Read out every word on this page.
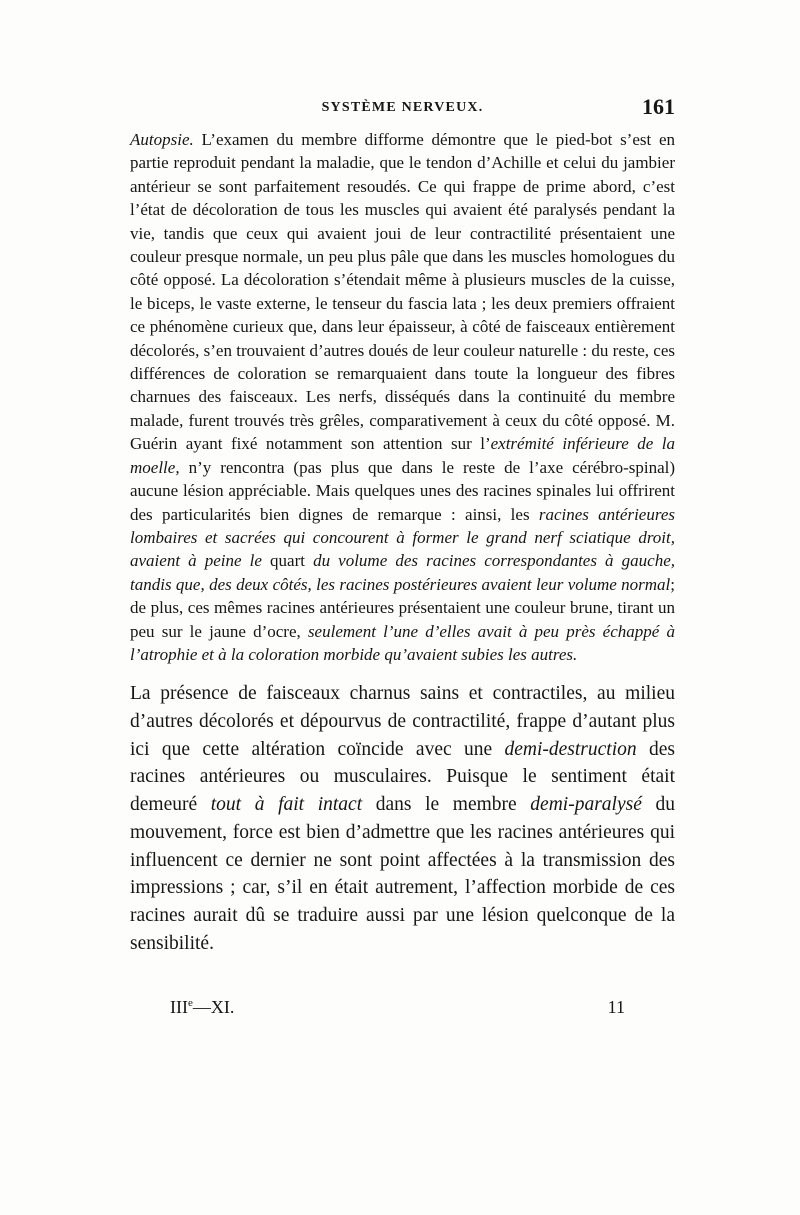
SYSTÈME NERVEUX.	161

Autopsie. L’examen du membre difforme démontre que le pied-bot s’est en partie reproduit pendant la maladie, que le tendon d’Achille et celui du jambier antérieur se sont parfaitement resoudés. Ce qui frappe de prime abord, c’est l’état de décoloration de tous les muscles qui avaient été paralysés pendant la vie, tandis que ceux qui avaient joui de leur contractilité présentaient une couleur presque normale, un peu plus pâle que dans les muscles homologues du côté opposé. La décoloration s’étendait même à plusieurs muscles de la cuisse, le biceps, le vaste externe, le tenseur du fascia lata ; les deux premiers offraient ce phénomène curieux que, dans leur épaisseur, à côté de faisceaux entièrement décolorés, s’en trouvaient d’autres doués de leur couleur naturelle : du reste, ces différences de coloration se remarquaient dans toute la longueur des fibres charnues des faisceaux. Les nerfs, disséqués dans la continuité du membre malade, furent trouvés très grêles, comparativement à ceux du côté opposé. M. Guérin ayant fixé notamment son attention sur l’extrémité inférieure de la moelle, n’y rencontra (pas plus que dans le reste de l’axe cérébro-spinal) aucune lésion appréciable. Mais quelques unes des racines spinales lui offrirent des particularités bien dignes de remarque : ainsi, les racines antérieures lombaires et sacrées qui concourent à former le grand nerf sciatique droit, avaient à peine le quart du volume des racines correspondantes à gauche, tandis que, des deux côtés, les racines postérieures avaient leur volume normal; de plus, ces mêmes racines antérieures présentaient une couleur brune, tirant un peu sur le jaune d’ocre, seulement l’une d’elles avait à peu près échappé à l’atrophie et à la coloration morbide qu’avaient subies les autres.

La présence de faisceaux charnus sains et contractiles, au milieu d’autres décolorés et dépourvus de contractilité, frappe d’autant plus ici que cette altération coïncide avec une demi-destruction des racines antérieures ou musculaires. Puisque le sentiment était demeuré tout à fait intact dans le membre demi-paralysé du mouvement, force est bien d’admettre que les racines antérieures qui influencent ce dernier ne sont point affectées à la transmission des impressions ; car, s’il en était autrement, l’affection morbide de ces racines aurait dû se traduire aussi par une lésion quelconque de la sensibilité.

IIIe—XI.	11
